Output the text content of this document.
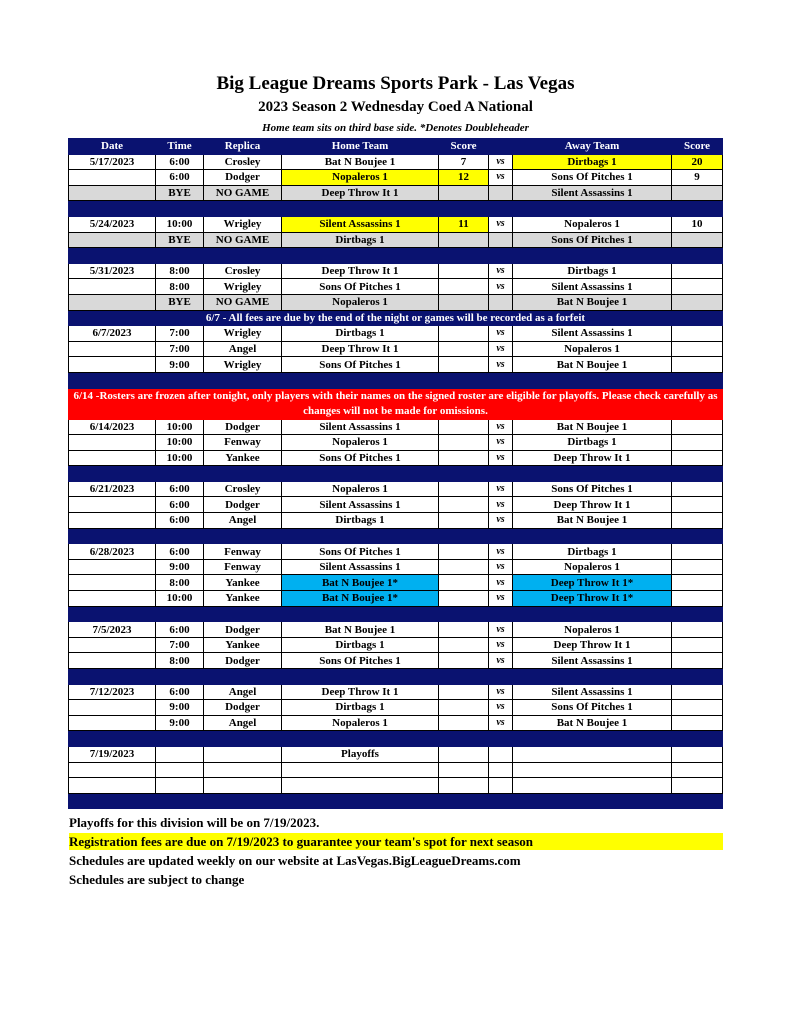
Big League Dreams Sports Park - Las Vegas
2023 Season 2 Wednesday Coed A National
Home team sits on third base side. *Denotes Doubleheader
Date	Time	Replica	Home Team	Score		Away Team	Score
5/17/2023	6:00	Crosley	Bat N Boujee 1	7	vs	Dirtbags 1	20
	6:00	Dodger	Nopaleros 1	12	vs	Sons Of Pitches 1	9
	BYE	NO GAME	Deep Throw It 1			Silent Assassins 1	

5/24/2023	10:00	Wrigley	Silent Assassins 1	11	vs	Nopaleros 1	10
	BYE	NO GAME	Dirtbags 1			Sons Of Pitches 1	

5/31/2023	8:00	Crosley	Deep Throw It 1		vs	Dirtbags 1	
	8:00	Wrigley	Sons Of Pitches 1		vs	Silent Assassins 1	
	BYE	NO GAME	Nopaleros 1			Bat N Boujee 1	
6/7 - All fees are due by the end of the night or games will be recorded as a forfeit							
6/7/2023	7:00	Wrigley	Dirtbags 1		vs	Silent Assassins 1	
	7:00	Angel	Deep Throw It 1		vs	Nopaleros 1	
	9:00	Wrigley	Sons Of Pitches 1		vs	Bat N Boujee 1	

6/14 -Rosters are frozen after tonight, only players with their names on the signed roster are eligible for playoffs. Please check carefully as changes will not be made for omissions.							
6/14/2023	10:00	Dodger	Silent Assassins 1		vs	Bat N Boujee 1	
	10:00	Fenway	Nopaleros 1		vs	Dirtbags 1	
	10:00	Yankee	Sons Of Pitches 1		vs	Deep Throw It 1	

6/21/2023	6:00	Crosley	Nopaleros 1		vs	Sons Of Pitches 1	
	6:00	Dodger	Silent Assassins 1		vs	Deep Throw It 1	
	6:00	Angel	Dirtbags 1		vs	Bat N Boujee 1	

6/28/2023	6:00	Fenway	Sons Of Pitches 1		vs	Dirtbags 1	
	9:00	Fenway	Silent Assassins 1		vs	Nopaleros 1	
	8:00	Yankee	Bat N Boujee 1*		vs	Deep Throw It 1*	
	10:00	Yankee	Bat N Boujee 1*		vs	Deep Throw It 1*	

7/5/2023	6:00	Dodger	Bat N Boujee 1		vs	Nopaleros 1	
	7:00	Yankee	Dirtbags 1		vs	Deep Throw It 1	
	8:00	Dodger	Sons Of Pitches 1		vs	Silent Assassins 1	

7/12/2023	6:00	Angel	Deep Throw It 1		vs	Silent Assassins 1	
	9:00	Dodger	Dirtbags 1		vs	Sons Of Pitches 1	
	9:00	Angel	Nopaleros 1		vs	Bat N Boujee 1	

7/19/2023			Playoffs				

Playoffs for this division will be on 7/19/2023.
Registration fees are due on 7/19/2023 to guarantee your team's spot for next season
Schedules are updated weekly on our website at LasVegas.BigLeagueDreams.com
Schedules are subject to change
